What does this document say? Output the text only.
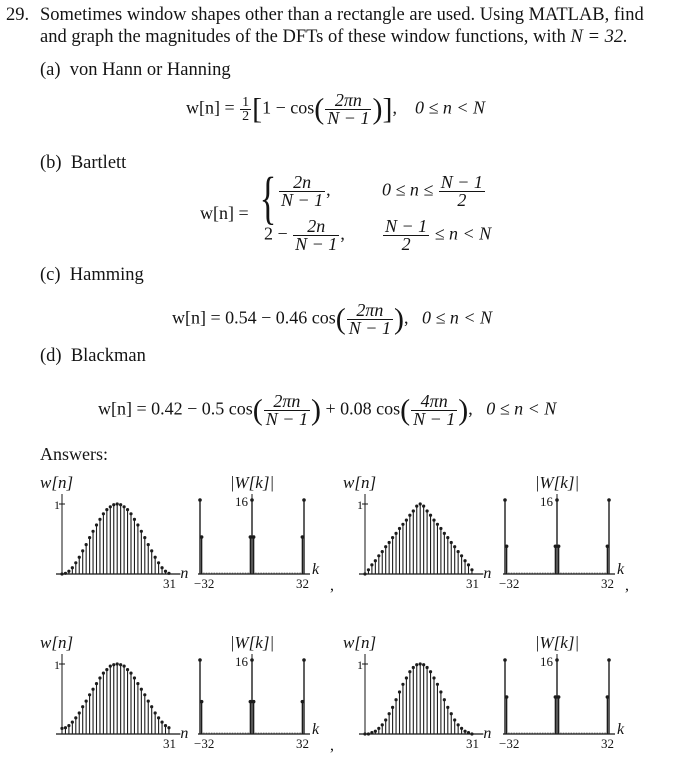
29. Sometimes window shapes other than a rectangle are used. Using MATLAB, find
and graph the magnitudes of the DFTs of these window functions, with N = 32.
(a) von Hann or Hanning
$w[n] = \frac{1}{2} [1 - \cos( \frac{2\pi n}{N - 1}$ )],    0 ≤ n < N
(b) Bartlett
w[n] = { $\frac{2n}{N - 1}$ ,	$0 \le n \le \frac{N - 1}{2}$
$2 - \frac{2n}{N - 1}$ , $\frac{N - 1}{2} \le n < N$
(c) Hamming
w[n] = 0.54 − 0.46 $\cos( \frac{2\pi n}{N - 1}$ ),   0 ≤ n < N
(d) Blackman
w[n] = 0.42 − 0.5 $\cos( \frac{2\pi n}{N - 1}$ ) + 0.08 $\cos( \frac{4\pi n}{N - 1}$ ),   0 ≤ n < N
Answers:
w[n]
1
31
n
|W[k]|
16
−32	32
k
,
w[n]
1
31
n
|W[k]|
16
−32	32
k
,
w[n]
1
31
n
|W[k]|
16
−32	32
k
,
w[n]
1
31
n
|W[k]|
16
−32	32
k
